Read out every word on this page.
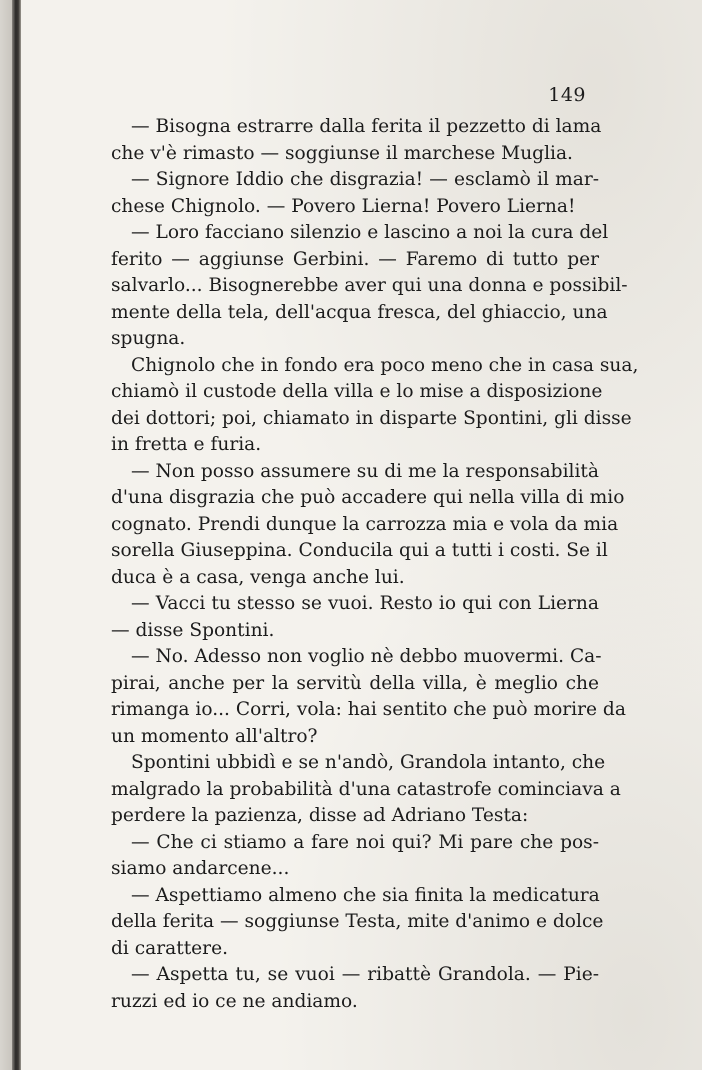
149
— Bisogna estrarre dalla ferita il pezzetto di lama
che v'è rimasto — soggiunse il marchese Muglia.
— Signore Iddio che disgrazia! — esclamò il mar-
chese Chignolo. — Povero Lierna! Povero Lierna!
— Loro facciano silenzio e lascino a noi la cura del
ferito — aggiunse Gerbini. — Faremo di tutto per
salvarlo... Bisognerebbe aver qui una donna e possibil-
mente della tela, dell'acqua fresca, del ghiaccio, una
spugna.
Chignolo che in fondo era poco meno che in casa sua,
chiamò il custode della villa e lo mise a disposizione
dei dottori; poi, chiamato in disparte Spontini, gli disse
in fretta e furia.
— Non posso assumere su di me la responsabilità
d'una disgrazia che può accadere qui nella villa di mio
cognato. Prendi dunque la carrozza mia e vola da mia
sorella Giuseppina. Conducila qui a tutti i costi. Se il
duca è a casa, venga anche lui.
— Vacci tu stesso se vuoi. Resto io qui con Lierna
— disse Spontini.
— No. Adesso non voglio nè debbo muovermi. Ca-
pirai, anche per la servitù della villa, è meglio che
rimanga io... Corri, vola: hai sentito che può morire da
un momento all'altro?
Spontini ubbidì e se n'andò, Grandola intanto, che
malgrado la probabilità d'una catastrofe cominciava a
perdere la pazienza, disse ad Adriano Testa:
— Che ci stiamo a fare noi qui? Mi pare che pos-
siamo andarcene...
— Aspettiamo almeno che sia finita la medicatura
della ferita — soggiunse Testa, mite d'animo e dolce
di carattere.
— Aspetta tu, se vuoi — ribattè Grandola. — Pie-
ruzzi ed io ce ne andiamo.
